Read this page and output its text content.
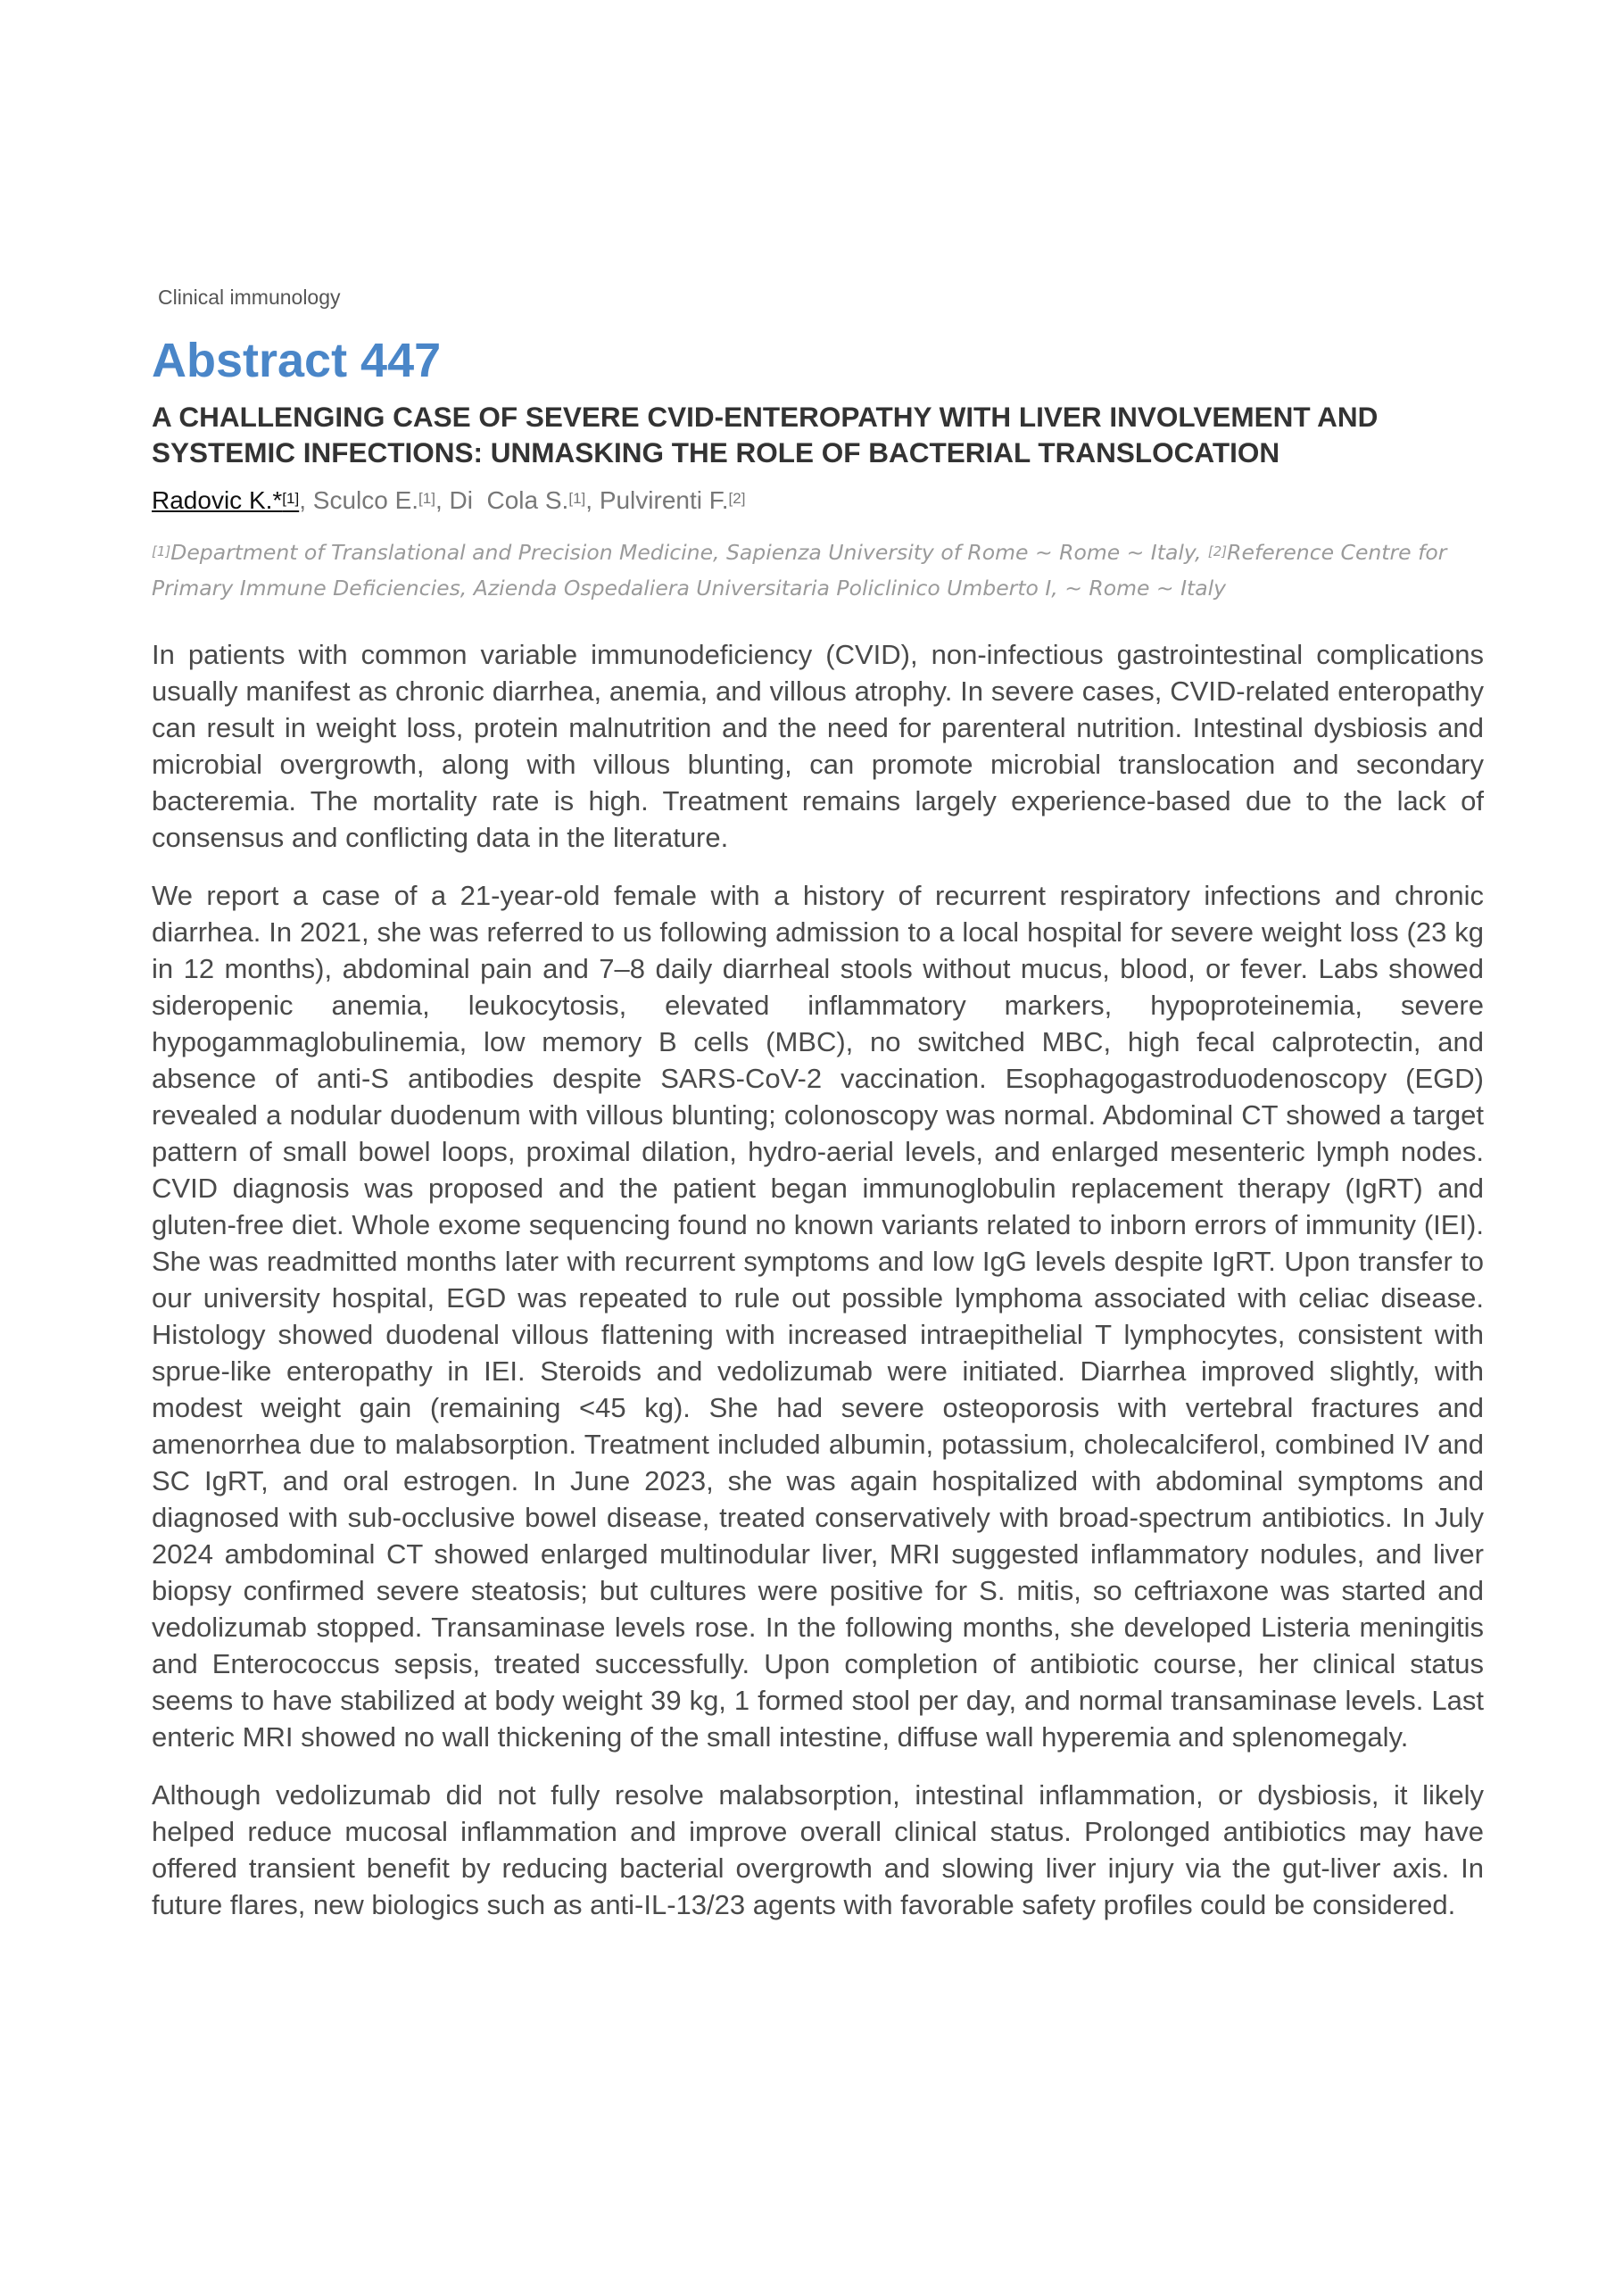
Clinical immunology
Abstract 447
A CHALLENGING CASE OF SEVERE CVID-ENTEROPATHY WITH LIVER INVOLVEMENT AND
SYSTEMIC INFECTIONS: UNMASKING THE ROLE OF BACTERIAL TRANSLOCATION
Radovic K.*[1], Sculco E.[1], Di  Cola S.[1], Pulvirenti F.[2]
[1]Department of Translational and Precision Medicine, Sapienza University of Rome ~ Rome ~ Italy, [2]Reference Centre for
Primary Immune Deficiencies, Azienda Ospedaliera Universitaria Policlinico Umberto I, ~ Rome ~ Italy

In patients with common variable immunodeficiency (CVID), non-infectious gastrointestinal complications usually manifest as chronic diarrhea, anemia, and villous atrophy. In severe cases, CVID-related enteropathy can result in weight loss, protein malnutrition and the need for parenteral nutrition. Intestinal dysbiosis and microbial overgrowth, along with villous blunting, can promote microbial translocation and secondary bacteremia. The mortality rate is high. Treatment remains largely experience-based due to the lack of consensus and conflicting data in the literature.

We report a case of a 21-year-old female with a history of recurrent respiratory infections and chronic diarrhea. In 2021, she was referred to us following admission to a local hospital for severe weight loss (23 kg in 12 months), abdominal pain and 7–8 daily diarrheal stools without mucus, blood, or fever. Labs showed sideropenic anemia, leukocytosis, elevated inflammatory markers, hypoproteinemia, severe hypogammaglobulinemia, low memory B cells (MBC), no switched MBC, high fecal calprotectin, and absence of anti-S antibodies despite SARS-CoV-2 vaccination. Esophagogastroduodenoscopy (EGD) revealed a nodular duodenum with villous blunting; colonoscopy was normal. Abdominal CT showed a target pattern of small bowel loops, proximal dilation, hydro-aerial levels, and enlarged mesenteric lymph nodes. CVID diagnosis was proposed and the patient began immunoglobulin replacement therapy (IgRT) and gluten-free diet. Whole exome sequencing found no known variants related to inborn errors of immunity (IEI). She was readmitted months later with recurrent symptoms and low IgG levels despite IgRT. Upon transfer to our university hospital, EGD was repeated to rule out possible lymphoma associated with celiac disease. Histology showed duodenal villous flattening with increased intraepithelial T lymphocytes, consistent with sprue-like enteropathy in IEI. Steroids and vedolizumab were initiated. Diarrhea improved slightly, with modest weight gain (remaining <45 kg). She had severe osteoporosis with vertebral fractures and amenorrhea due to malabsorption. Treatment included albumin, potassium, cholecalciferol, combined IV and SC IgRT, and oral estrogen. In June 2023, she was again hospitalized with abdominal symptoms and diagnosed with sub-occlusive bowel disease, treated conservatively with broad-spectrum antibiotics. In July 2024 ambdominal CT showed enlarged multinodular liver, MRI suggested inflammatory nodules, and liver biopsy confirmed severe steatosis; but cultures were positive for S. mitis, so ceftriaxone was started and vedolizumab stopped. Transaminase levels rose. In the following months, she developed Listeria meningitis and Enterococcus sepsis, treated successfully. Upon completion of antibiotic course, her clinical status seems to have stabilized at body weight 39 kg, 1 formed stool per day, and normal transaminase levels. Last enteric MRI showed no wall thickening of the small intestine, diffuse wall hyperemia and splenomegaly.

Although vedolizumab did not fully resolve malabsorption, intestinal inflammation, or dysbiosis, it likely helped reduce mucosal inflammation and improve overall clinical status. Prolonged antibiotics may have offered transient benefit by reducing bacterial overgrowth and slowing liver injury via the gut-liver axis. In future flares, new biologics such as anti-IL-13/23 agents with favorable safety profiles could be considered.
